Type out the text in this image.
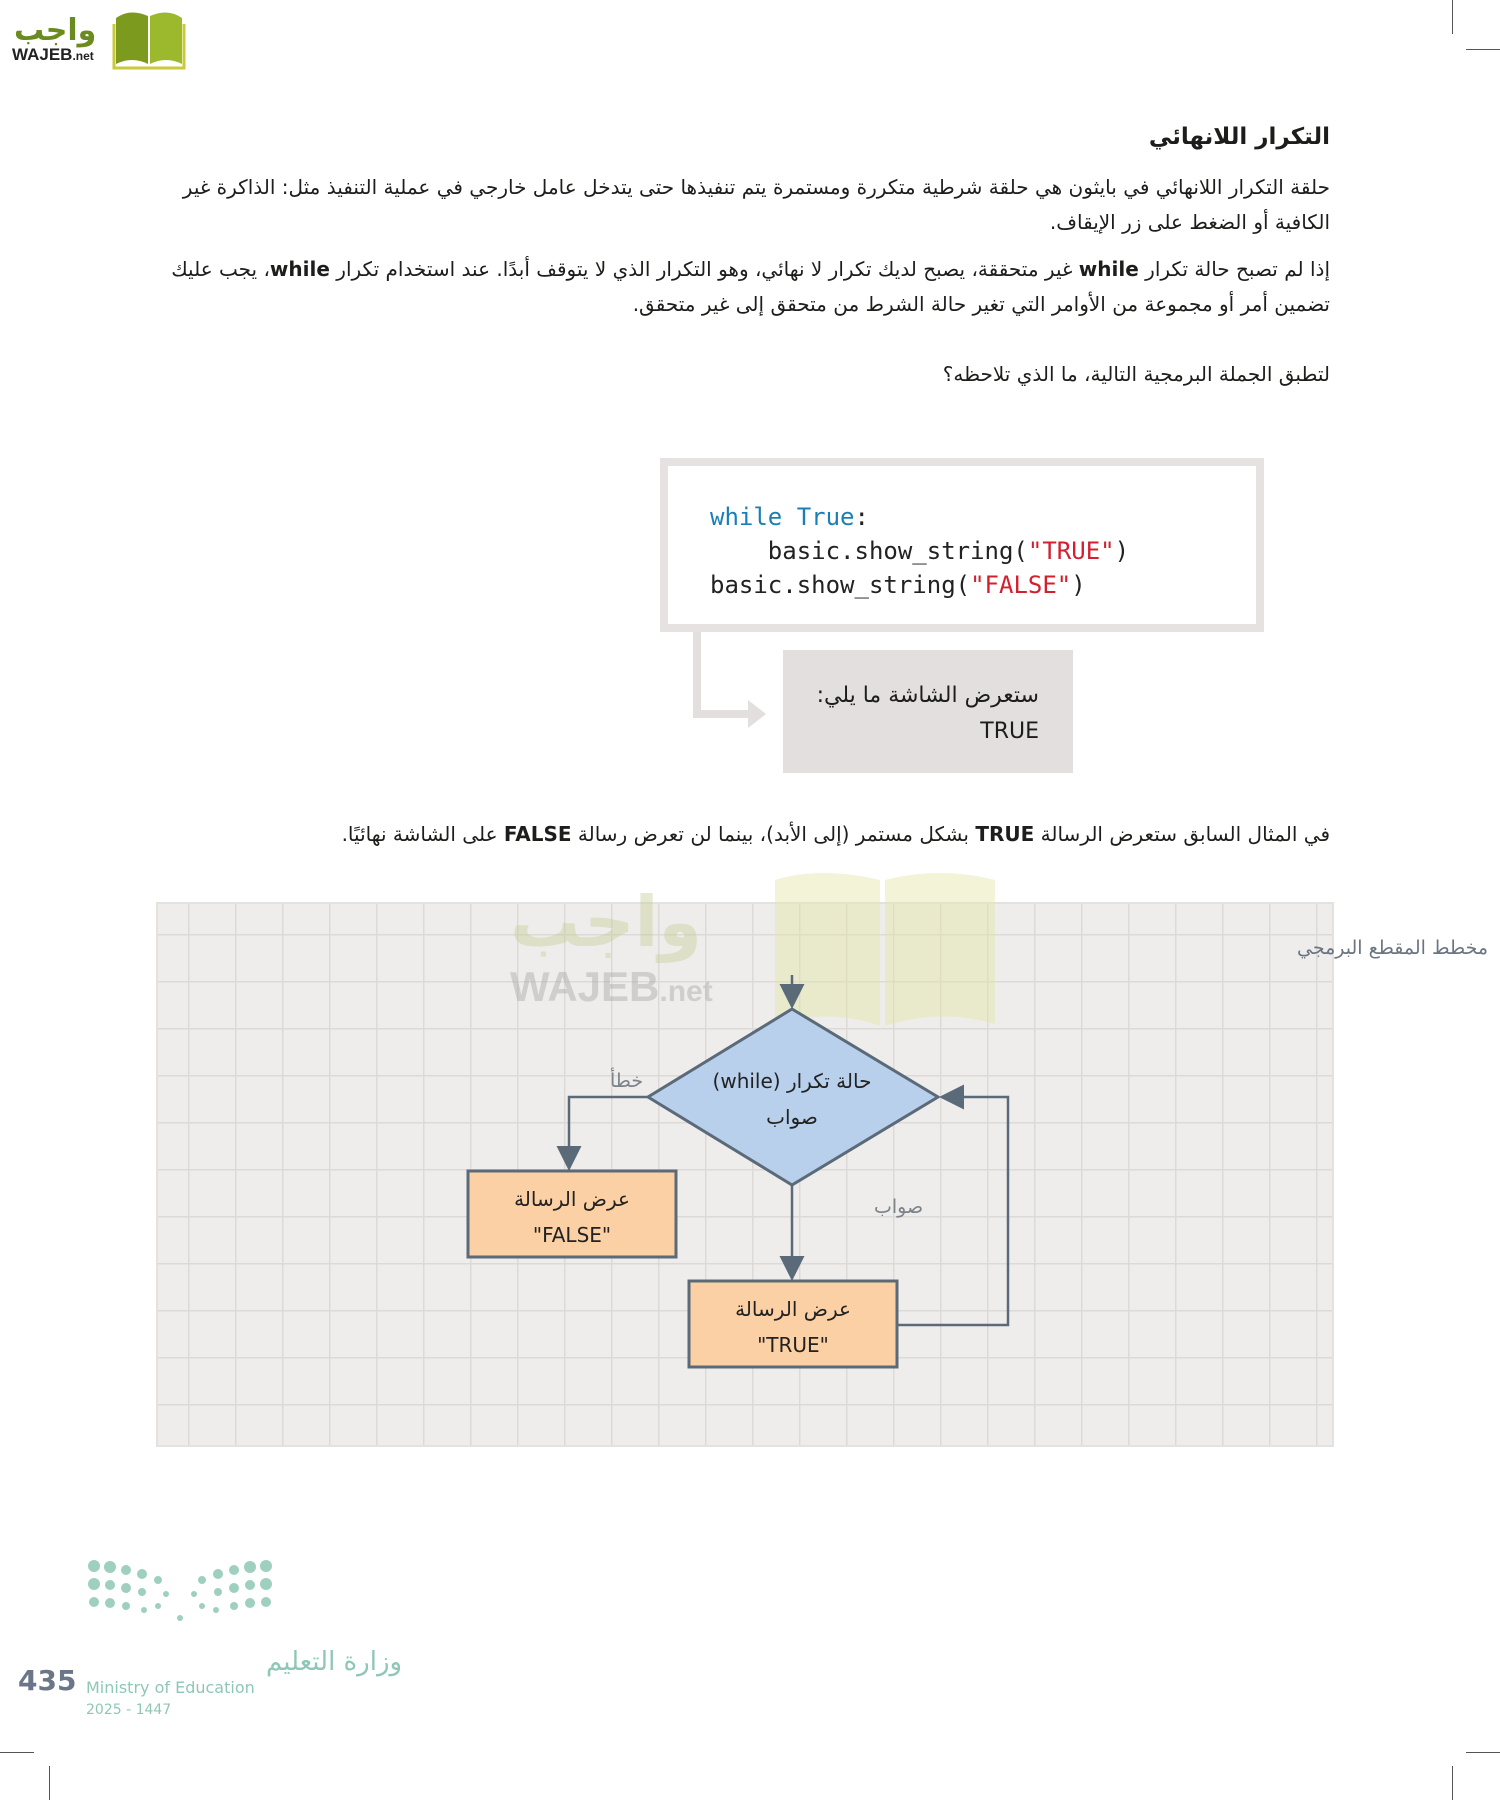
واجب
WAJEB.net
التكرار اللانهائي
حلقة التكرار اللانهائي في بايثون هي حلقة شرطية متكررة ومستمرة يتم تنفيذها حتى يتدخل عامل خارجي في عملية التنفيذ مثل: الذاكرة غير الكافية أو الضغط على زر الإيقاف.
إذا لم تصبح حالة تكرار while غير متحققة، يصبح لديك تكرار لا نهائي، وهو التكرار الذي لا يتوقف أبدًا. عند استخدام تكرار while، يجب عليك تضمين أمر أو مجموعة من الأوامر التي تغير حالة الشرط من متحقق إلى غير متحقق.
لتطبق الجملة البرمجية التالية، ما الذي تلاحظه؟
while True:
basic.show_string("TRUE")
basic.show_string("FALSE")
ستعرض الشاشة ما يلي:
TRUE
واجب
WAJEB.net
مخطط المقطع البرمجي
حالة تكرار (while)
صواب
خطأ
صواب
عرض الرسالة
"FALSE"
عرض الرسالة
"TRUE"
في المثال السابق ستعرض الرسالة TRUE بشكل مستمر (إلى الأبد)، بينما لن تعرض رسالة FALSE على الشاشة نهائيًا.
وزارة التعليم
Ministry of Education
2025 - 1447
435
